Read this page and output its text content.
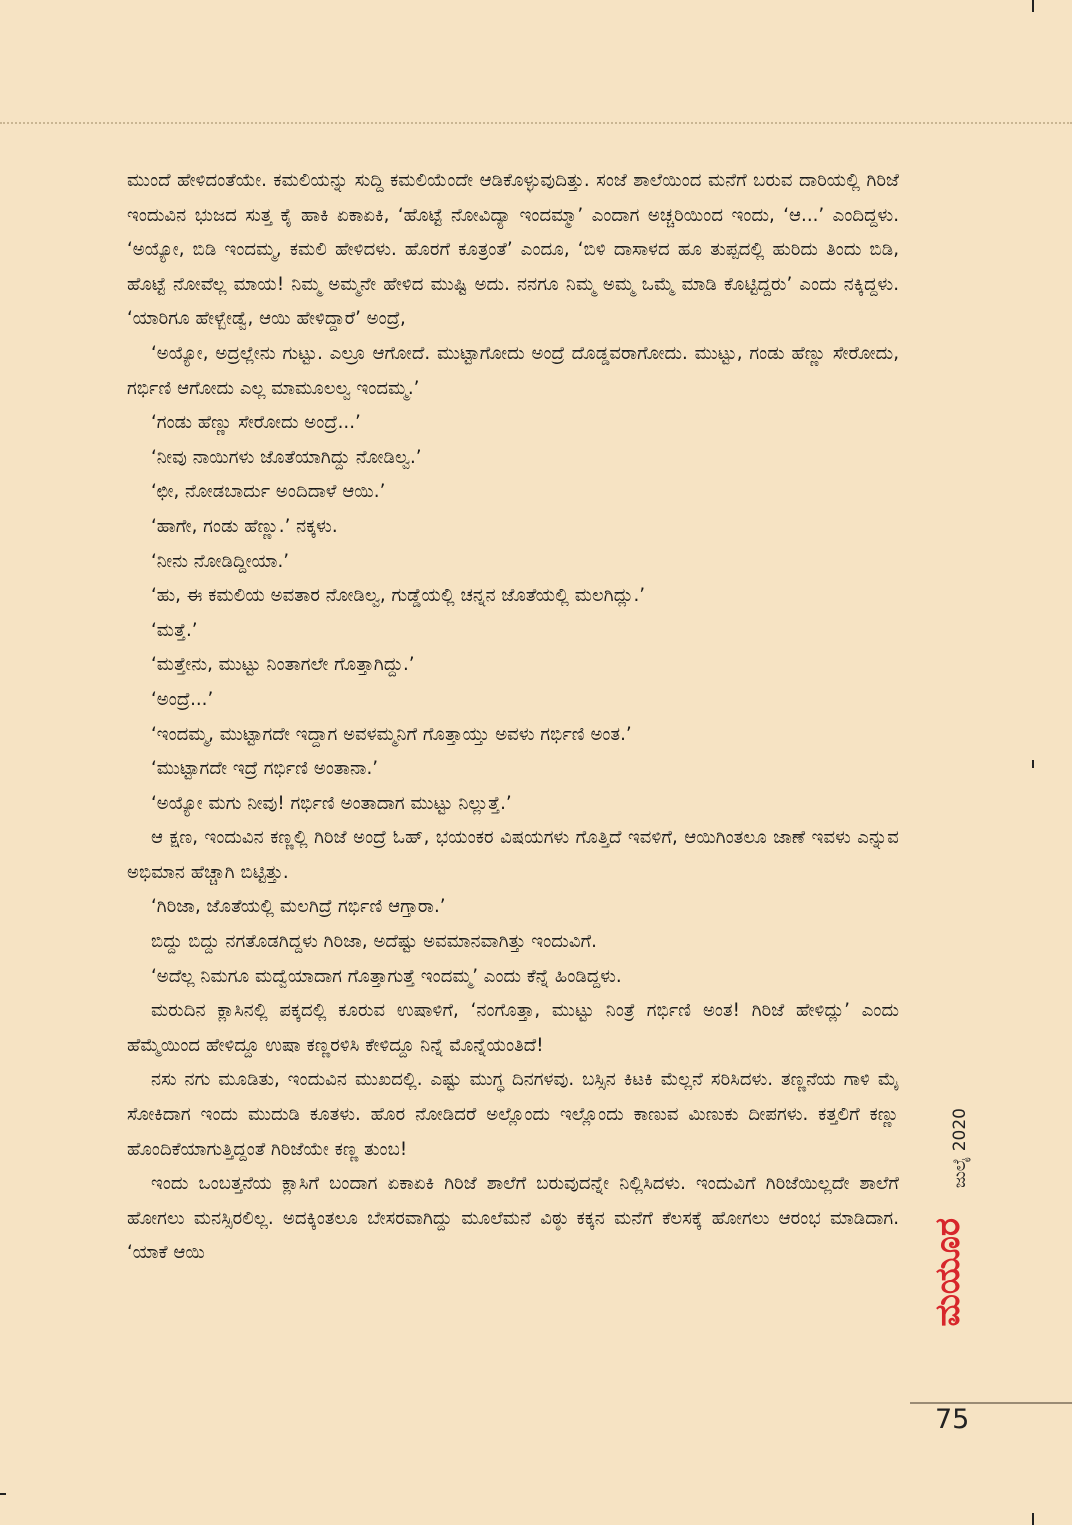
ಮುಂದೆ ಹೇಳಿದಂತೆಯೇ. ಕಮಲಿಯನ್ನು ಸುದ್ದಿ ಕಮಲಿಯೆಂದೇ ಆಡಿಕೊಳ್ಳುವುದಿತ್ತು. ಸಂಜೆ ಶಾಲೆಯಿಂದ ಮನೆಗೆ ಬರುವ ದಾರಿಯಲ್ಲಿ ಗಿರಿಜೆ ಇಂದುವಿನ ಭುಜದ ಸುತ್ತ ಕೈ ಹಾಕಿ ಏಕಾಏಕಿ, ‘ಹೊಟ್ಟೆ ನೋವಿದ್ಯಾ ಇಂದಮ್ಮಾ’ ಎಂದಾಗ ಅಚ್ಚರಿಯಿಂದ ಇಂದು, ‘ಆ...’ ಎಂದಿದ್ದಳು. ‘ಅಯ್ಯೋ, ಬಿಡಿ ಇಂದಮ್ಮ, ಕಮಲಿ ಹೇಳಿದಳು. ಹೊರಗೆ ಕೂತ್ರಂತೆ’ ಎಂದೂ, ‘ಬಿಳಿ ದಾಸಾಳದ ಹೂ ತುಪ್ಪದಲ್ಲಿ ಹುರಿದು ತಿಂದು ಬಿಡಿ, ಹೊಟ್ಟೆ ನೋವೆಲ್ಲ ಮಾಯ! ನಿಮ್ಮ ಅಮ್ಮನೇ ಹೇಳಿದ ಮುಷ್ಟಿ ಅದು. ನನಗೂ ನಿಮ್ಮ ಅಮ್ಮ ಒಮ್ಮೆ ಮಾಡಿ ಕೊಟ್ಟಿದ್ದರು’ ಎಂದು ನಕ್ಕಿದ್ದಳು. ‘ಯಾರಿಗೂ ಹೇಳ್ಬೇಡ್ವೆ, ಆಯಿ ಹೇಳಿದ್ದಾರೆ’ ಅಂದ್ರೆ,

‘ಅಯ್ಯೋ, ಅದ್ರಲ್ಲೇನು ಗುಟ್ಟು. ಎಲ್ರೂ ಆಗೋದೆ. ಮುಟ್ಟಾಗೋದು ಅಂದ್ರೆ ದೊಡ್ಡವರಾಗೋದು. ಮುಟ್ಟು, ಗಂಡು ಹೆಣ್ಣು ಸೇರೋದು, ಗರ್ಭಿಣಿ ಆಗೋದು ಎಲ್ಲ ಮಾಮೂಲಲ್ವ ಇಂದಮ್ಮ.’

‘ಗಂಡು ಹೆಣ್ಣು ಸೇರೋದು ಅಂದ್ರೆ...’

‘ನೀವು ನಾಯಿಗಳು ಜೊತೆಯಾಗಿದ್ದು ನೋಡಿಲ್ವ.’

‘ಛೀ, ನೋಡಬಾರ್ದು ಅಂದಿದಾಳೆ ಆಯಿ.’

‘ಹಾಗೇ, ಗಂಡು ಹೆಣ್ಣು.’ ನಕ್ಕಳು.

‘ನೀನು ನೋಡಿದ್ದೀಯಾ.’

‘ಹು, ಈ ಕಮಲಿಯ ಅವತಾರ ನೋಡಿಲ್ವ, ಗುಡ್ಡೆಯಲ್ಲಿ ಚನ್ನನ ಜೊತೆಯಲ್ಲಿ ಮಲಗಿದ್ಲು.’

‘ಮತ್ತೆ.’

‘ಮತ್ತೇನು, ಮುಟ್ಟು ನಿಂತಾಗಲೇ ಗೊತ್ತಾಗಿದ್ದು.’

‘ಅಂದ್ರೆ...’

‘ಇಂದಮ್ಮ, ಮುಟ್ಟಾಗದೇ ಇದ್ದಾಗ ಅವಳಮ್ಮನಿಗೆ ಗೊತ್ತಾಯ್ತು ಅವಳು ಗರ್ಭಿಣಿ ಅಂತ.’

‘ಮುಟ್ಟಾಗದೇ ಇದ್ರೆ ಗರ್ಭಿಣಿ ಅಂತಾನಾ.’

‘ಅಯ್ಯೋ ಮಗು ನೀವು! ಗರ್ಭಿಣಿ ಅಂತಾದಾಗ ಮುಟ್ಟು ನಿಲ್ಲುತ್ತೆ.’

ಆ ಕ್ಷಣ, ಇಂದುವಿನ ಕಣ್ಣಲ್ಲಿ ಗಿರಿಜೆ ಅಂದ್ರೆ ಓಹ್, ಭಯಂಕರ ವಿಷಯಗಳು ಗೊತ್ತಿದೆ ಇವಳಿಗೆ, ಆಯಿಗಿಂತಲೂ ಜಾಣೆ ಇವಳು ಎನ್ನುವ ಅಭಿಮಾನ ಹೆಚ್ಚಾಗಿ ಬಿಟ್ಟಿತ್ತು.

‘ಗಿರಿಜಾ, ಜೊತೆಯಲ್ಲಿ ಮಲಗಿದ್ರೆ ಗರ್ಭಿಣಿ ಆಗ್ತಾರಾ.’

ಬಿದ್ದು ಬಿದ್ದು ನಗತೊಡಗಿದ್ದಳು ಗಿರಿಜಾ, ಅದೆಷ್ಟು ಅವಮಾನವಾಗಿತ್ತು ಇಂದುವಿಗೆ.

‘ಅದೆಲ್ಲ ನಿಮಗೂ ಮದ್ವೆಯಾದಾಗ ಗೊತ್ತಾಗುತ್ತೆ ಇಂದಮ್ಮ’ ಎಂದು ಕೆನ್ನೆ ಹಿಂಡಿದ್ದಳು.

ಮರುದಿನ ಕ್ಲಾಸಿನಲ್ಲಿ ಪಕ್ಕದಲ್ಲಿ ಕೂರುವ ಉಷಾಳಿಗೆ, ‘ನಂಗೊತ್ತಾ, ಮುಟ್ಟು ನಿಂತ್ರೆ ಗರ್ಭಿಣಿ ಅಂತ! ಗಿರಿಜೆ ಹೇಳಿದ್ಲು’ ಎಂದು ಹೆಮ್ಮೆಯಿಂದ ಹೇಳಿದ್ದೂ ಉಷಾ ಕಣ್ಣರಳಿಸಿ ಕೇಳಿದ್ದೂ ನಿನ್ನೆ ಮೊನ್ನೆಯಂತಿದೆ!

ನಸು ನಗು ಮೂಡಿತು, ಇಂದುವಿನ ಮುಖದಲ್ಲಿ. ಎಷ್ಟು ಮುಗ್ಧ ದಿನಗಳವು. ಬಸ್ಸಿನ ಕಿಟಕಿ ಮೆಲ್ಲನೆ ಸರಿಸಿದಳು. ತಣ್ಣನೆಯ ಗಾಳಿ ಮೈ ಸೋಕಿದಾಗ ಇಂದು ಮುದುಡಿ ಕೂತಳು. ಹೊರ ನೋಡಿದರೆ ಅಲ್ಲೊಂದು ಇಲ್ಲೊಂದು ಕಾಣುವ ಮಿಣುಕು ದೀಪಗಳು. ಕತ್ತಲಿಗೆ ಕಣ್ಣು ಹೊಂದಿಕೆಯಾಗುತ್ತಿದ್ದಂತೆ ಗಿರಿಜೆಯೇ ಕಣ್ಣ ತುಂಬ!

ಇಂದು ಒಂಬತ್ತನೆಯ ಕ್ಲಾಸಿಗೆ ಬಂದಾಗ ಏಕಾಏಕಿ ಗಿರಿಜೆ ಶಾಲೆಗೆ ಬರುವುದನ್ನೇ ನಿಲ್ಲಿಸಿದಳು. ಇಂದುವಿಗೆ ಗಿರಿಜೆಯಿಲ್ಲದೇ ಶಾಲೆಗೆ ಹೋಗಲು ಮನಸ್ಸಿರಲಿಲ್ಲ. ಅದಕ್ಕಿಂತಲೂ ಬೇಸರವಾಗಿದ್ದು ಮೂಲೆಮನೆ ವಿಠ್ಠು ಕಕ್ಕನ ಮನೆಗೆ ಕೆಲಸಕ್ಕೆ ಹೋಗಲು ಆರಂಭ ಮಾಡಿದಾಗ. ‘ಯಾಕೆ ಆಯಿ

ಜುಲೈ 2020
ಮಯೂರ
75
